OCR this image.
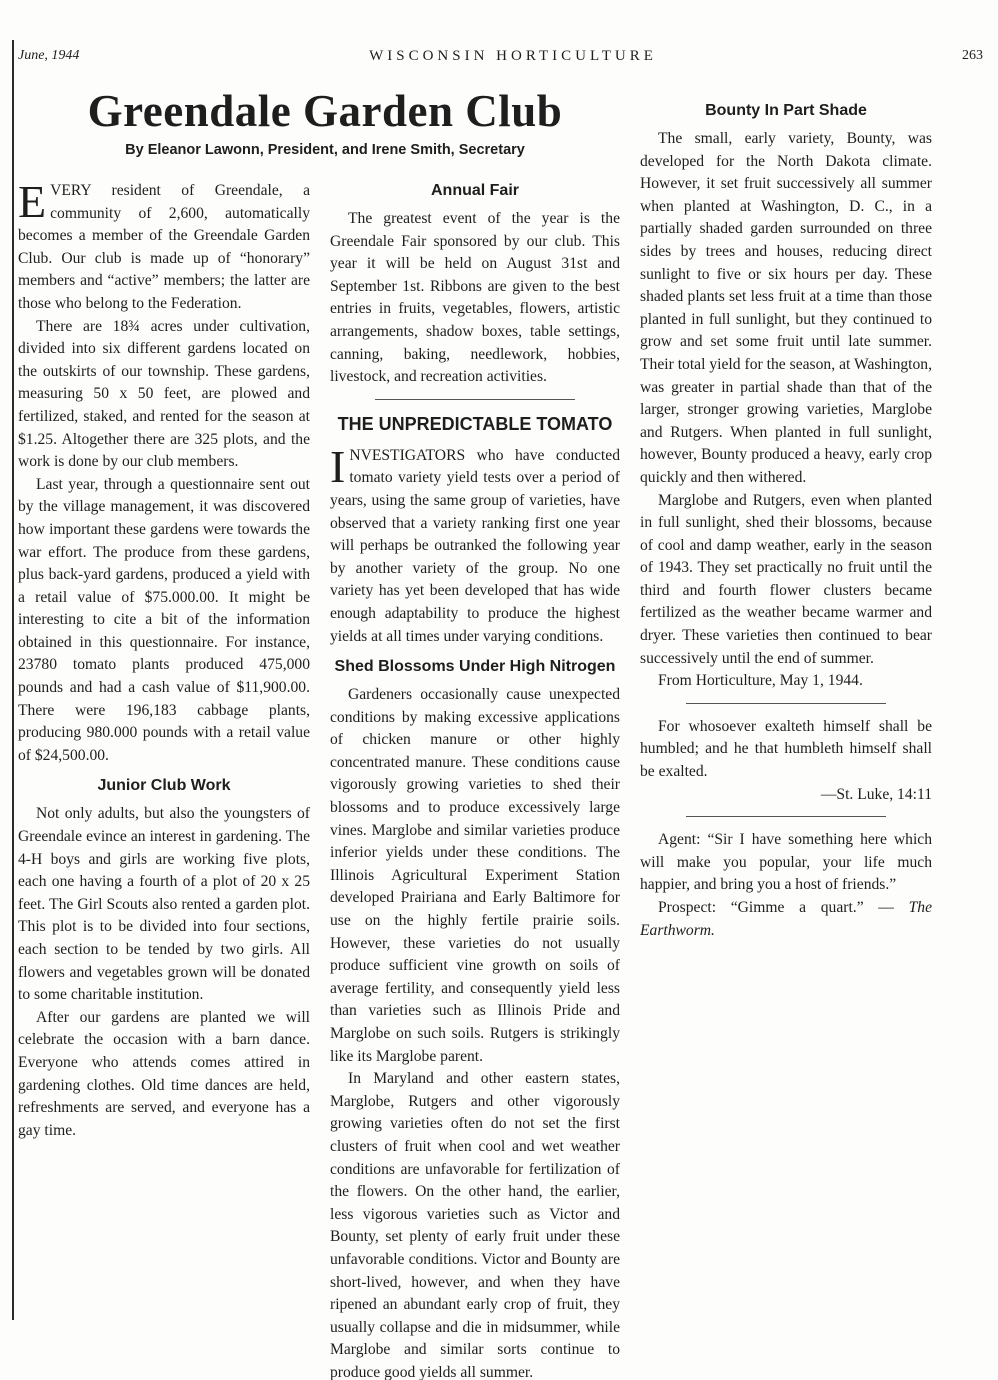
June, 1944	WISCONSIN HORTICULTURE	263
Greendale Garden Club
By Eleanor Lawonn, President, and Irene Smith, Secretary

EVERY resident of Greendale, a community of 2,600, automatically becomes a member of the Greendale Garden Club. Our club is made up of “honorary” members and “active” members; the latter are those who belong to the Federation.

There are 18¾ acres under cultivation, divided into six different gardens located on the outskirts of our township. These gardens, measuring 50 x 50 feet, are plowed and fertilized, staked, and rented for the season at $1.25. Altogether there are 325 plots, and the work is done by our club members.

Last year, through a questionnaire sent out by the village management, it was discovered how important these gardens were towards the war effort. The produce from these gardens, plus back-yard gardens, produced a yield with a retail value of $75.000.00. It might be interesting to cite a bit of the information obtained in this questionnaire. For instance, 23780 tomato plants produced 475,000 pounds and had a cash value of $11,900.00. There were 196,183 cabbage plants, producing 980.000 pounds with a retail value of $24,500.00.

Junior Club Work

Not only adults, but also the youngsters of Greendale evince an interest in gardening. The 4-H boys and girls are working five plots, each one having a fourth of a plot of 20 x 25 feet. The Girl Scouts also rented a garden plot. This plot is to be divided into four sections, each section to be tended by two girls. All flowers and vegetables grown will be donated to some charitable institution.

After our gardens are planted we will celebrate the occasion with a barn dance. Everyone who attends comes attired in gardening clothes. Old time dances are held, refreshments are served, and everyone has a gay time.

Annual Fair

The greatest event of the year is the Greendale Fair sponsored by our club. This year it will be held on August 31st and September 1st. Ribbons are given to the best entries in fruits, vegetables, flowers, artistic arrangements, shadow boxes, table settings, canning, baking, needlework, hobbies, livestock, and recreation activities.

THE UNPREDICTABLE TOMATO

INVESTIGATORS who have conducted tomato variety yield tests over a period of years, using the same group of varieties, have observed that a variety ranking first one year will perhaps be outranked the following year by another variety of the group. No one variety has yet been developed that has wide enough adaptability to produce the highest yields at all times under varying conditions.

Shed Blossoms Under High Nitrogen

Gardeners occasionally cause unexpected conditions by making excessive applications of chicken manure or other highly concentrated manure. These conditions cause vigorously growing varieties to shed their blossoms and to produce excessively large vines. Marglobe and similar varieties produce inferior yields under these conditions. The Illinois Agricultural Experiment Station developed Prairiana and Early Baltimore for use on the highly fertile prairie soils. However, these varieties do not usually produce sufficient vine growth on soils of average fertility, and consequently yield less than varieties such as Illinois Pride and Marglobe on such soils. Rutgers is strikingly like its Marglobe parent.

In Maryland and other eastern states, Marglobe, Rutgers and other vigorously growing varieties often do not set the first clusters of fruit when cool and wet weather conditions are unfavorable for fertilization of the flowers. On the other hand, the earlier, less vigorous varieties such as Victor and Bounty, set plenty of early fruit under these unfavorable conditions. Victor and Bounty are short-lived, however, and when they have ripened an abundant early crop of fruit, they usually collapse and die in midsummer, while Marglobe and similar sorts continue to produce good yields all summer.

Bounty In Part Shade

The small, early variety, Bounty, was developed for the North Dakota climate. However, it set fruit successively all summer when planted at Washington, D. C., in a partially shaded garden surrounded on three sides by trees and houses, reducing direct sunlight to five or six hours per day. These shaded plants set less fruit at a time than those planted in full sunlight, but they continued to grow and set some fruit until late summer. Their total yield for the season, at Washington, was greater in partial shade than that of the larger, stronger growing varieties, Marglobe and Rutgers. When planted in full sunlight, however, Bounty produced a heavy, early crop quickly and then withered.

Marglobe and Rutgers, even when planted in full sunlight, shed their blossoms, because of cool and damp weather, early in the season of 1943. They set practically no fruit until the third and fourth flower clusters became fertilized as the weather became warmer and dryer. These varieties then continued to bear successively until the end of summer.

From Horticulture, May 1, 1944.

For whosoever exalteth himself shall be humbled; and he that humbleth himself shall be exalted.

—St. Luke, 14:11

Agent: “Sir I have something here which will make you popular, your life much happier, and bring you a host of friends.”

Prospect: “Gimme a quart.” — The Earthworm.
